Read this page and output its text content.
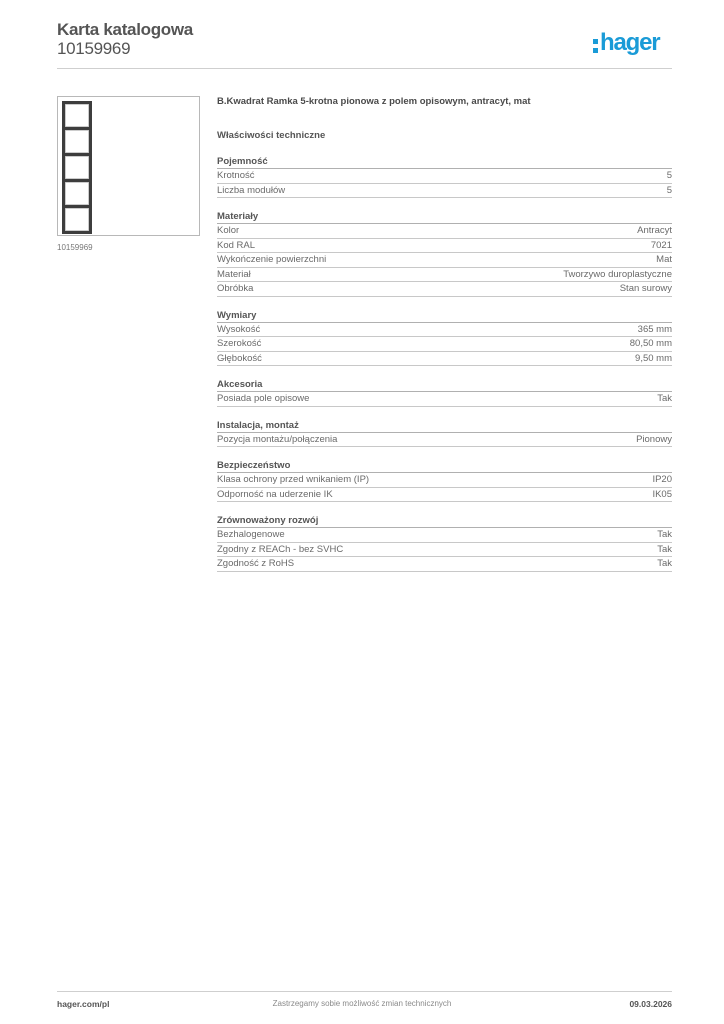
Karta katalogowa
10159969	hager
10159969
B.Kwadrat Ramka 5-krotna pionowa z polem opisowym, antracyt, mat
Właściwości techniczne
Pojemność
Krotność	5
Liczba modułów	5
Materiały
Kolor	Antracyt
Kod RAL	7021
Wykończenie powierzchni	Mat
Materiał	Tworzywo duroplastyczne
Obróbka	Stan surowy
Wymiary
Wysokość	365 mm
Szerokość	80,50 mm
Głębokość	9,50 mm
Akcesoria
Posiada pole opisowe	Tak
Instalacja, montaż
Pozycja montażu/połączenia	Pionowy
Bezpieczeństwo
Klasa ochrony przed wnikaniem (IP)	IP20
Odporność na uderzenie IK	IK05
Zrównoważony rozwój
Bezhalogenowe	Tak
Zgodny z REACh - bez SVHC	Tak
Zgodność z RoHS	Tak
hager.com/pl	Zastrzegamy sobie możliwość zmian technicznych	09.03.2026
